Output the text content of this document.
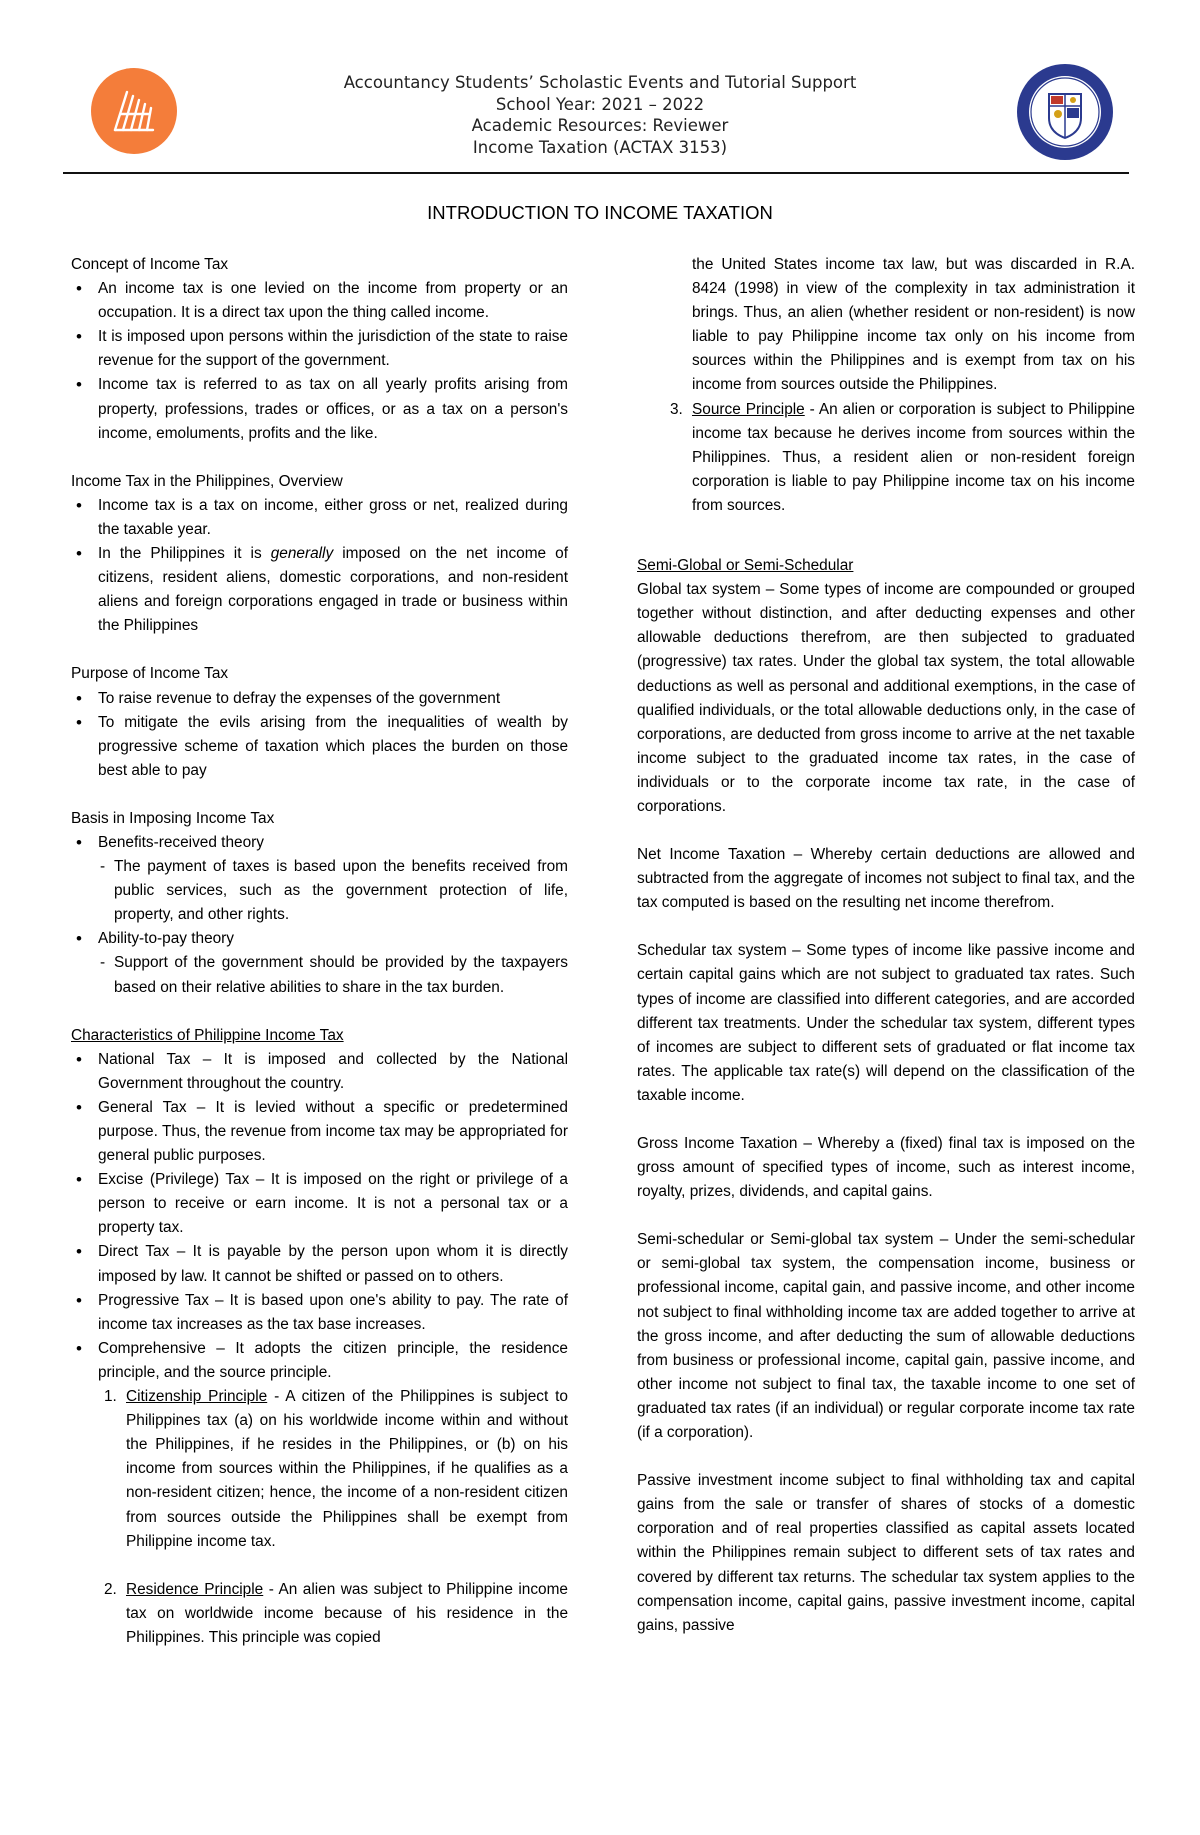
Accountancy Students’ Scholastic Events and Tutorial Support
School Year: 2021 – 2022
Academic Resources: Reviewer
Income Taxation (ACTAX 3153)
INTRODUCTION TO INCOME TAXATION

Concept of Income Tax

• An income tax is one levied on the income from property or an occupation. It is a direct tax upon the thing called income.
• It is imposed upon persons within the jurisdiction of the state to raise revenue for the support of the government.
• Income tax is referred to as tax on all yearly profits arising from property, professions, trades or offices, or as a tax on a person's income, emoluments, profits and the like.

Income Tax in the Philippines, Overview

• Income tax is a tax on income, either gross or net, realized during the taxable year.
• In the Philippines it is generally imposed on the net income of citizens, resident aliens, domestic corporations, and non-resident aliens and foreign corporations engaged in trade or business within the Philippines

Purpose of Income Tax

• To raise revenue to defray the expenses of the government
• To mitigate the evils arising from the inequalities of wealth by progressive scheme of taxation which places the burden on those best able to pay

Basis in Imposing Income Tax

• Benefits-received theory
- The payment of taxes is based upon the benefits received from public services, such as the government protection of life, property, and other rights.
• Ability-to-pay theory
- Support of the government should be provided by the taxpayers based on their relative abilities to share in the tax burden.

Characteristics of Philippine Income Tax

• National Tax – It is imposed and collected by the National Government throughout the country.
• General Tax – It is levied without a specific or predetermined purpose. Thus, the revenue from income tax may be appropriated for general public purposes.
• Excise (Privilege) Tax – It is imposed on the right or privilege of a person to receive or earn income. It is not a personal tax or a property tax.
• Direct Tax – It is payable by the person upon whom it is directly imposed by law. It cannot be shifted or passed on to others.
• Progressive Tax – It is based upon one's ability to pay. The rate of income tax increases as the tax base increases.
• Comprehensive – It adopts the citizen principle, the residence principle, and the source principle.
1. Citizenship Principle - A citizen of the Philippines is subject to Philippines tax (a) on his worldwide income within and without the Philippines, if he resides in the Philippines, or (b) on his income from sources within the Philippines, if he qualifies as a non-resident citizen; hence, the income of a non-resident citizen from sources outside the Philippines shall be exempt from Philippine income tax.
2. Residence Principle - An alien was subject to Philippine income tax on worldwide income because of his residence in the Philippines. This principle was copied

the United States income tax law, but was discarded in R.A. 8424 (1998) in view of the complexity in tax administration it brings. Thus, an alien (whether resident or non-resident) is now liable to pay Philippine income tax only on his income from sources within the Philippines and is exempt from tax on his income from sources outside the Philippines.

3. Source Principle - An alien or corporation is subject to Philippine income tax because he derives income from sources within the Philippines. Thus, a resident alien or non-resident foreign corporation is liable to pay Philippine income tax on his income from sources.

Semi-Global or Semi-Schedular

Global tax system – Some types of income are compounded or grouped together without distinction, and after deducting expenses and other allowable deductions therefrom, are then subjected to graduated (progressive) tax rates. Under the global tax system, the total allowable deductions as well as personal and additional exemptions, in the case of qualified individuals, or the total allowable deductions only, in the case of corporations, are deducted from gross income to arrive at the net taxable income subject to the graduated income tax rates, in the case of individuals or to the corporate income tax rate, in the case of corporations.

Net Income Taxation – Whereby certain deductions are allowed and subtracted from the aggregate of incomes not subject to final tax, and the tax computed is based on the resulting net income therefrom.

Schedular tax system – Some types of income like passive income and certain capital gains which are not subject to graduated tax rates. Such types of income are classified into different categories, and are accorded different tax treatments. Under the schedular tax system, different types of incomes are subject to different sets of graduated or flat income tax rates. The applicable tax rate(s) will depend on the classification of the taxable income.

Gross Income Taxation – Whereby a (fixed) final tax is imposed on the gross amount of specified types of income, such as interest income, royalty, prizes, dividends, and capital gains.

Semi-schedular or Semi-global tax system – Under the semi-schedular or semi-global tax system, the compensation income, business or professional income, capital gain, and passive income, and other income not subject to final withholding income tax are added together to arrive at the gross income, and after deducting the sum of allowable deductions from business or professional income, capital gain, passive income, and other income not subject to final tax, the taxable income to one set of graduated tax rates (if an individual) or regular corporate income tax rate (if a corporation).

Passive investment income subject to final withholding tax and capital gains from the sale or transfer of shares of stocks of a domestic corporation and of real properties classified as capital assets located within the Philippines remain subject to different sets of tax rates and covered by different tax returns. The schedular tax system applies to the compensation income, capital gains, passive investment income, capital gains, passive
